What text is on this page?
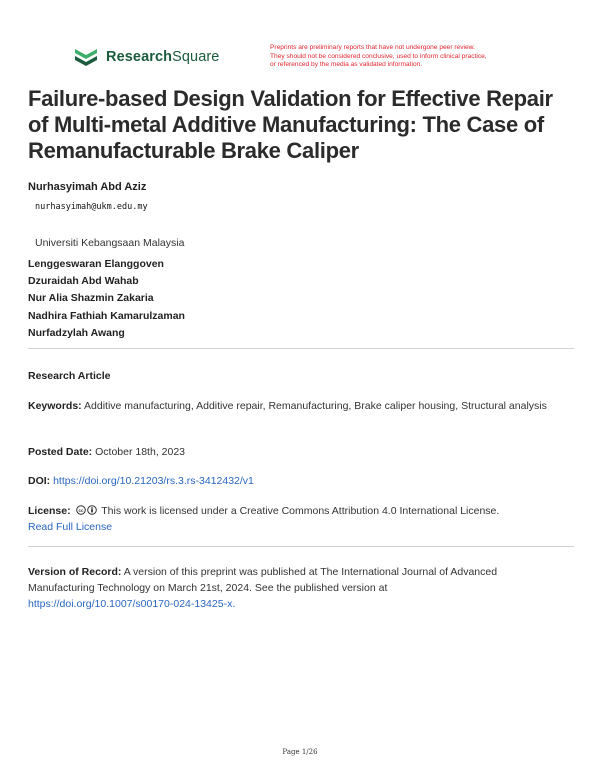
ResearchSquare
Preprints are preliminary reports that have not undergone peer review.
They should not be considered conclusive, used to inform clinical practice,
or referenced by the media as validated information.
Failure-based Design Validation for Effective Repair of Multi-metal Additive Manufacturing: The Case of Remanufacturable Brake Caliper
Nurhasyimah Abd Aziz
nurhasyimah@ukm.edu.my
Universiti Kebangsaan Malaysia
Lenggeswaran Elanggoven
Dzuraidah Abd Wahab
Nur Alia Shazmin Zakaria
Nadhira Fathiah Kamarulzaman
Nurfadzylah Awang
Research Article
Keywords: Additive manufacturing, Additive repair, Remanufacturing, Brake caliper housing, Structural analysis
Posted Date: October 18th, 2023
DOI: https://doi.org/10.21203/rs.3.rs-3412432/v1
License: cc This work is licensed under a Creative Commons Attribution 4.0 International License.
Read Full License
Version of Record: A version of this preprint was published at The International Journal of Advanced Manufacturing Technology on March 21st, 2024. See the published version at
https://doi.org/10.1007/s00170-024-13425-x.
Page 1/26
